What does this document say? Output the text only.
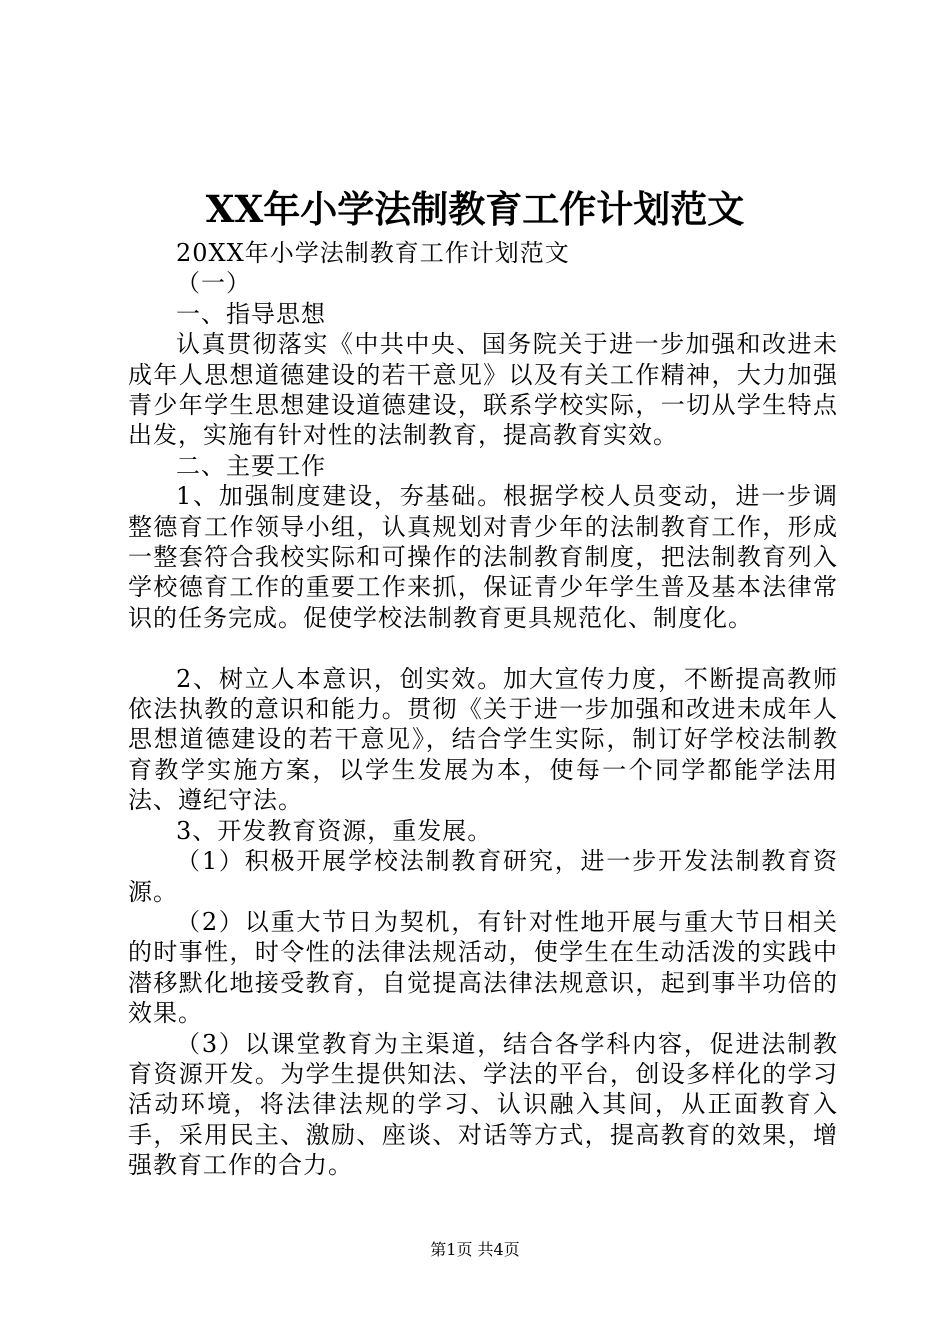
XX年小学法制教育工作计划范文

20XX年小学法制教育工作计划范文

（一）

一、指导思想

认真贯彻落实《中共中央、国务院关于进一步加强和改进未成年人思想道德建设的若干意见》以及有关工作精神，大力加强青少年学生思想建设道德建设，联系学校实际，一切从学生特点出发，实施有针对性的法制教育，提高教育实效。

二、主要工作

1、加强制度建设，夯基础。根据学校人员变动，进一步调整德育工作领导小组，认真规划对青少年的法制教育工作，形成一整套符合我校实际和可操作的法制教育制度，把法制教育列入学校德育工作的重要工作来抓，保证青少年学生普及基本法律常识的任务完成。促使学校法制教育更具规范化、制度化。

2、树立人本意识，创实效。加大宣传力度，不断提高教师依法执教的意识和能力。贯彻《关于进一步加强和改进未成年人思想道德建设的若干意见》，结合学生实际，制订好学校法制教育教学实施方案，以学生发展为本，使每一个同学都能学法用法、遵纪守法。

3、开发教育资源，重发展。

（1）积极开展学校法制教育研究，进一步开发法制教育资源。

（2）以重大节日为契机，有针对性地开展与重大节日相关的时事性，时令性的法律法规活动，使学生在生动活泼的实践中潜移默化地接受教育，自觉提高法律法规意识，起到事半功倍的效果。

（3）以课堂教育为主渠道，结合各学科内容，促进法制教育资源开发。为学生提供知法、学法的平台，创设多样化的学习活动环境，将法律法规的学习、认识融入其间，从正面教育入手，采用民主、激励、座谈、对话等方式，提高教育的效果，增强教育工作的合力。

第1页 共4页
